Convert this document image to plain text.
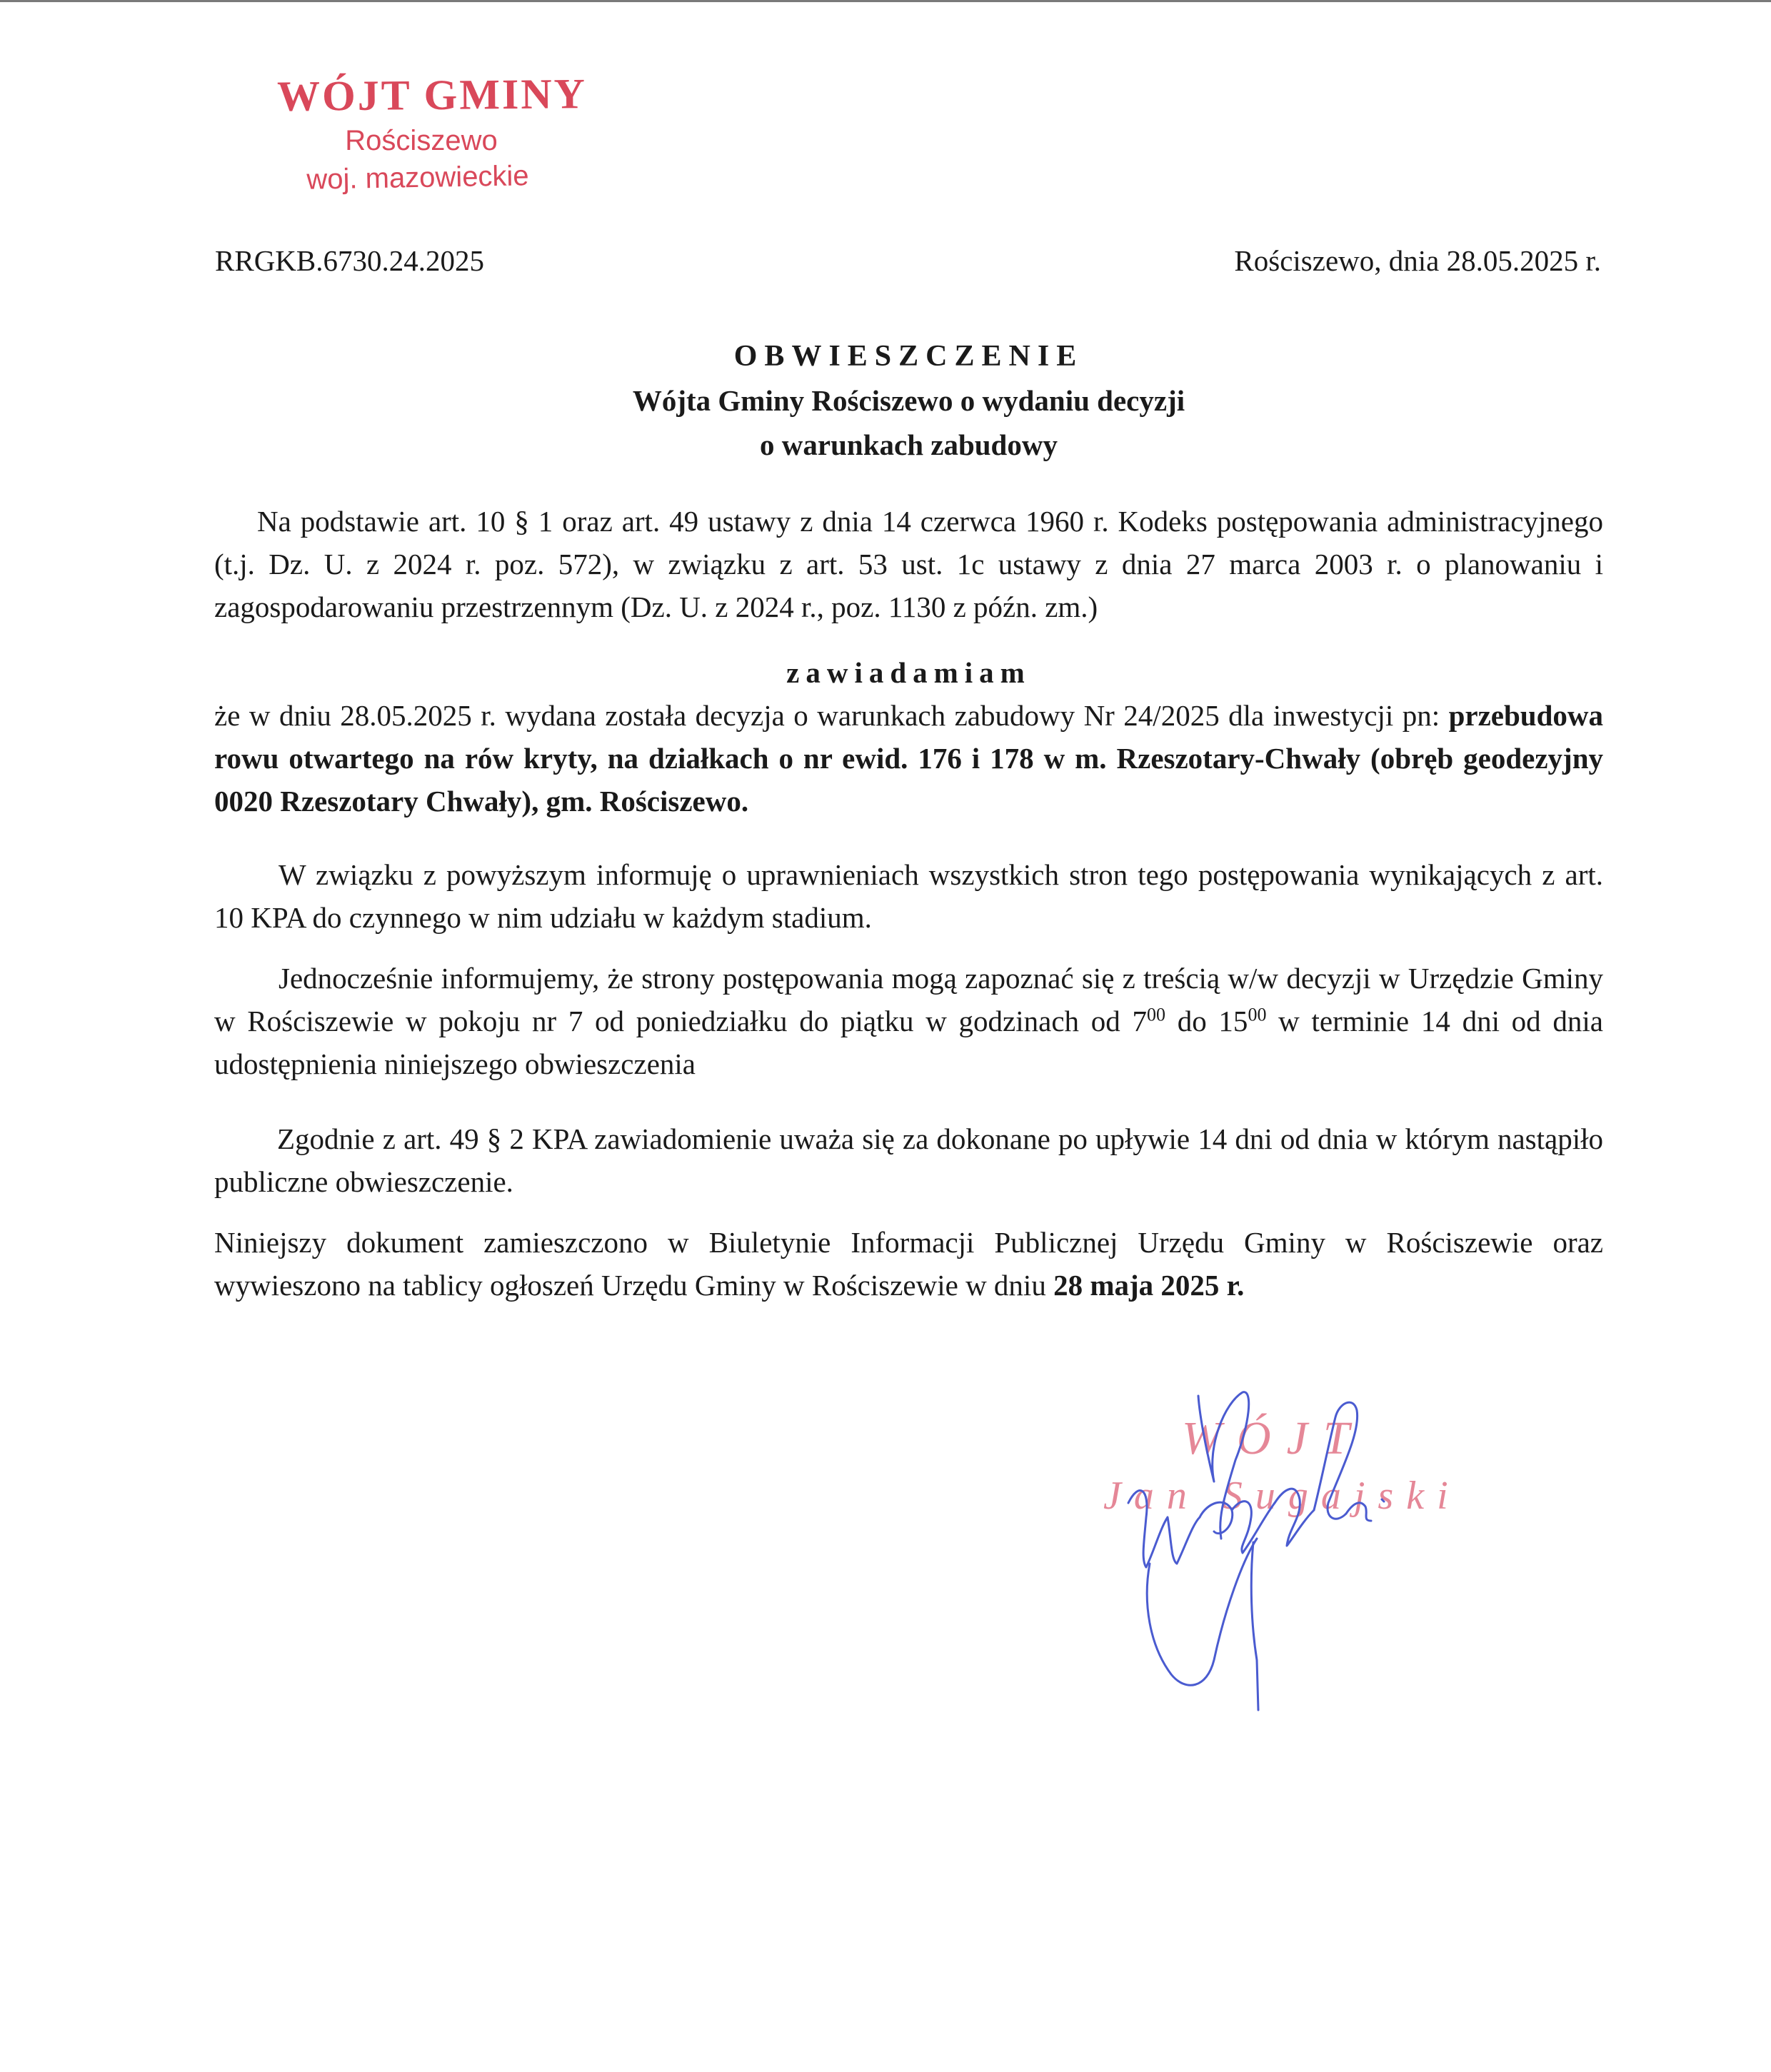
WÓJT GMINY
Rościszewo
woj. mazowieckie
RRGKB.6730.24.2025	Rościszewo, dnia 28.05.2025 r.
OBWIESZCZENIE
Wójta Gminy Rościszewo o wydaniu decyzji
o warunkach zabudowy

Na podstawie art. 10 § 1 oraz art. 49 ustawy z dnia 14 czerwca 1960 r. Kodeks postępowania administracyjnego (t.j. Dz. U. z 2024 r. poz. 572), w związku z art. 53 ust. 1c ustawy z dnia 27 marca 2003 r. o planowaniu i zagospodarowaniu przestrzennym (Dz. U. z 2024 r., poz. 1130 z późn. zm.)

zawiadamiam

że w dniu 28.05.2025 r. wydana została decyzja o warunkach zabudowy Nr 24/2025 dla inwestycji pn: przebudowa rowu otwartego na rów kryty, na działkach o nr ewid. 176 i 178 w m. Rzeszotary-Chwały (obręb geodezyjny 0020 Rzeszotary Chwały), gm. Rościszewo.

W związku z powyższym informuję o uprawnieniach wszystkich stron tego postępowania wynikających z art. 10 KPA do czynnego w nim udziału w każdym stadium.

Jednocześnie informujemy, że strony postępowania mogą zapoznać się z treścią w/w decyzji w Urzędzie Gminy w Rościszewie w pokoju nr 7 od poniedziałku do piątku w godzinach od $7^{00}$ do $15^{00}$ w terminie 14 dni od dnia udostępnienia niniejszego obwieszczenia

Zgodnie z art. 49 § 2 KPA zawiadomienie uważa się za dokonane po upływie 14 dni od dnia w którym nastąpiło publiczne obwieszczenie.

Niniejszy dokument zamieszczono w Biuletynie Informacji Publicznej Urzędu Gminy w Rościszewie oraz wywieszono na tablicy ogłoszeń Urzędu Gminy w Rościszewie w dniu 28 maja 2025 r.

WÓJT
Jan Sugajski
